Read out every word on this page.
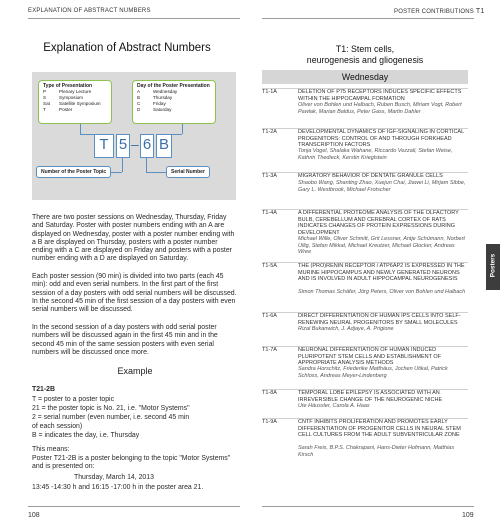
EXPLANATION OF ABSTRACT NUMBERS	POSTER CONTRIBUTIONS T1
Explanation of Abstract Numbers
Type of Presentation
P	Plenary Lecture
S	Symposium
Sat Satellite Symposium
T	Poster
Day of the Poster Presentation
A	Wednesday
B	Thursday
C	Friday
D	Saturday
T 5 – 6 B
Number of the Poster Topic	Serial Number
There are two poster sessions on Wednesday, Thursday, Friday and Saturday. Poster with poster numbers ending with an A are displayed on Wednesday, poster with a poster number ending with a B are displayed on Thursday, posters with a poster number ending with a C are displayed on Friday and posters with a poster number ending with a D are displayed on Saturday.
Each poster session (90 min) is divided into two parts (each 45 min): odd and even serial numbers. In the first part of the first session of a day posters with odd serial numbers will be discussed. In the second 45 min of the first session of a day posters with even serial numbers will be discussed.
In the second session of a day posters with odd serial poster numbers will be discussed again in the first 45 min and in the second 45 min of the same session posters with even serial numbers will be discussed once more.
Example
T21-2B
T = poster to a poster topic
21 = the poster topic is No. 21, i.e. "Motor Systems"
2 = serial number (even number, i.e. second 45 min
of each session)
B = indicates the day, i.e. Thursday
This means:
Poster T21-2B is a poster belonging to the topic "Motor Systems" and is presented on:
Thursday, March 14, 2013
13:45 -14:30 h and 16:15 -17:00 h in the poster area 21.
T1: Stem cells,
neurogenesis and gliogenesis
Wednesday
T1-1A	DELETION OF P75 RECEPTORS INDUCES SPECIFIC EFFECTS WITHIN THE HIPPOCAMPAL FORMATION
Oliver von Bohlen und Halbach, Ruben Busch, Miriam Vogt, Robert Pawlak, Marian Baldus, Peter Gass, Martin Dahler
T1-2A	DEVELOPMENTAL DYNAMICS OF IGF-SIGNALING IN CORTICAL PROGENITORS: CONTROL OF AND THROUGH FORKHEAD TRANSCRIPTION FACTORS
Tonja Vogel, Shalaka Wahane, Riccardo Vezzali, Stefan Weise, Kathrin Thedieck, Kerstin Krieglstein
T1-3A	MIGRATORY BEHAVIOR OF DENTATE GRANULE CELLS
Shaobo Wang, Shanting Zhao, Xuejun Chai, Jiawei Li, Mirjam Sibbe, Gary L. Westbrook, Michael Frotscher
T1-4A	A DIFFERENTIAL PROTEOME ANALYSIS OF THE OLFACTORY BULB, CEREBELLUM AND CEREBRAL CORTEX OF RATS INDICATES CHANGES OF PROTEIN EXPRESSIONS DURING DEVELOPMENT
Michael Wille, Oliver Schmitt, Grit Lessner, Antje Schümann, Norbert Ullig, Stefan Mikkat, Michael Kreutzer, Michael Glocker, Andreas Wree
T1-5A	THE (PRO)RENIN RECEPTOR / ATP6AP2 IS EXPRESSED IN THE MURINE HIPPOCAMPUS AND NEWLY GENERATED NEURONS AND IS INVOLVED IN ADULT HIPPOCAMPAL NEUROGENESIS
Simon Thomas Schäfer, Jörg Peters, Oliver von Bohlen und Halbach
T1-6A	DIRECT DIFFERENTIATION OF HUMAN IPS CELLS INTO SELF-RENEWING NEURAL PROGENITORS BY SMALL MOLECULES
Rizal Bukanwich, J. Adjaye, A. Prigione
T1-7A	NEURONAL DIFFERENTIATION OF HUMAN INDUCED PLURIPOTENT STEM CELLS AND ESTABLISHMENT OF APPROPRIATE ANALYSIS METHODS
Sandra Horschitz, Friederike Matthäus, Jochen Utikal, Patrick Schloss, Andreas Meyer-Lindenberg
T1-8A	TEMPORAL LOBE EPILEPSY IS ASSOCIATED WITH AN IRREVERSIBLE CHANGE OF THE NEUROGENIC NICHE
Ute Häussler, Carola A. Haas
T1-9A	CNTF INHIBITS PROLIFERATION AND PROMOTES EARLY DIFFERENTIATION OF PROGENITOR CELLS IN NEURAL STEM CELL CULTURES FROM THE ADULT SUBVENTRICULAR ZONE
Sarah Freis, B.P.S. Chakrapani, Hans-Dieter Hofmann, Matthias Kirsch
Posters
108	109
